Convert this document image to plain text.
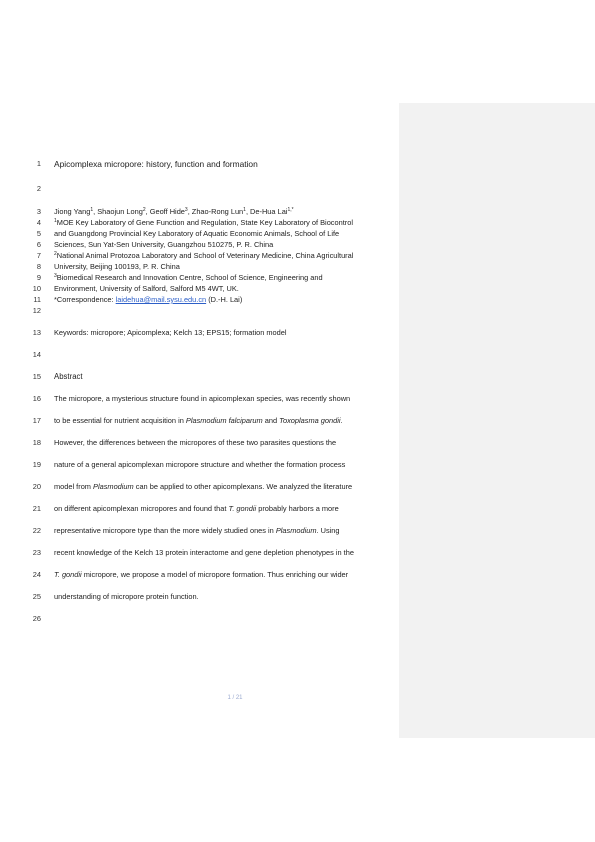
1
2
3
4
5
6
7
8
9
10
11
12
13
14
15
16
17
18
19
20
21
22
23
24
25
26
Apicomplexa micropore: history, function and formation
Jiong Yang$^1$, Shaojun Long$^2$, Geoff Hide$^3$, Zhao-Rong Lun$^1$, De-Hua Lai$^{1,*}$
$^1$MOE Key Laboratory of Gene Function and Regulation, State Key Laboratory of Biocontrol
and Guangdong Provincial Key Laboratory of Aquatic Economic Animals, School of Life
Sciences, Sun Yat-Sen University, Guangzhou 510275, P. R. China
$^2$National Animal Protozoa Laboratory and School of Veterinary Medicine, China Agricultural
University, Beijing 100193, P. R. China
$^3$Biomedical Research and Innovation Centre, School of Science, Engineering and
Environment, University of Salford, Salford M5 4WT, UK.
*Correspondence: laidehua@mail.sysu.edu.cn (D.-H. Lai)
Keywords: micropore; Apicomplexa; Kelch 13; EPS15; formation model
Abstract
The micropore, a mysterious structure found in apicomplexan species, was recently shown
to be essential for nutrient acquisition in Plasmodium falciparum and Toxoplasma gondii.
However, the differences between the micropores of these two parasites questions the
nature of a general apicomplexan micropore structure and whether the formation process
model from Plasmodium can be applied to other apicomplexans. We analyzed the literature
on different apicomplexan micropores and found that T. gondii probably harbors a more
representative micropore type than the more widely studied ones in Plasmodium. Using
recent knowledge of the Kelch 13 protein interactome and gene depletion phenotypes in the
T. gondii micropore, we propose a model of micropore formation. Thus enriching our wider
understanding of micropore protein function.
1 / 21
